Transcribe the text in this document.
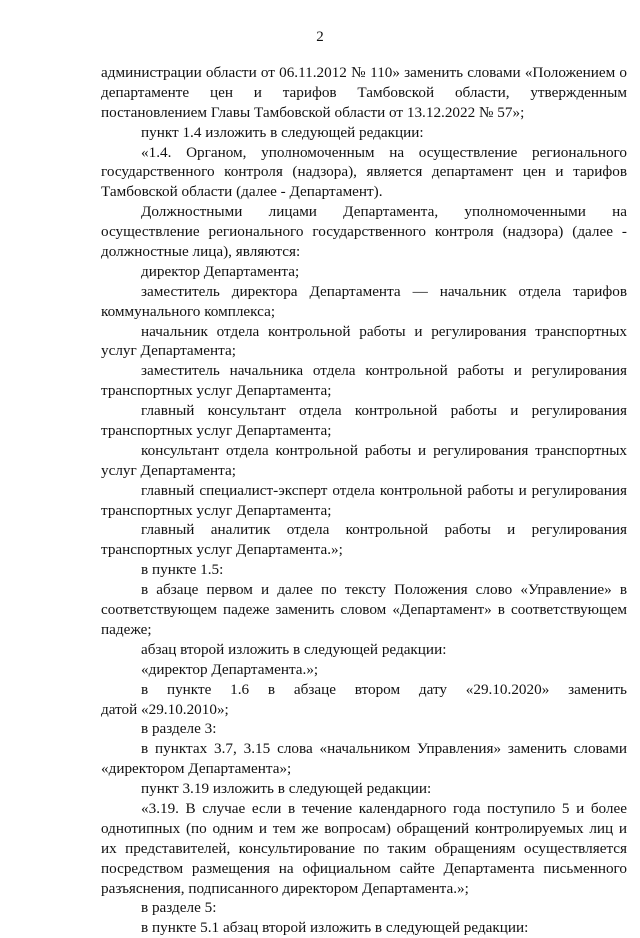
2
администрации области от 06.11.2012 № 110» заменить словами «Положением о
департаменте цен и тарифов Тамбовской области, утвержденным
постановлением Главы Тамбовской области от 13.12.2022 № 57»;
пункт 1.4 изложить в следующей редакции:
«1.4. Органом, уполномоченным на осуществление регионального
государственного контроля (надзора), является департамент цен и тарифов
Тамбовской области (далее - Департамент).
Должностными лицами Департамента, уполномоченными на
осуществление регионального государственного контроля (надзора) (далее -
должностные лица), являются:
директор Департамента;
заместитель директора Департамента — начальник отдела тарифов
коммунального комплекса;
начальник отдела контрольной работы и регулирования транспортных
услуг Департамента;
заместитель начальника отдела контрольной работы и регулирования
транспортных услуг Департамента;
главный консультант отдела контрольной работы и регулирования
транспортных услуг Департамента;
консультант отдела контрольной работы и регулирования транспортных
услуг Департамента;
главный специалист-эксперт отдела контрольной работы и регулирования
транспортных услуг Департамента;
главный аналитик отдела контрольной работы и регулирования
транспортных услуг Департамента.»;
в пункте 1.5:
в абзаце первом и далее по тексту Положения слово «Управление» в
соответствующем падеже заменить словом «Департамент» в соответствующем
падеже;
абзац второй изложить в следующей редакции:
«директор Департамента.»;
в пункте 1.6 в абзаце втором дату «29.10.2020» заменить
датой «29.10.2010»;
в разделе 3:
в пунктах 3.7, 3.15 слова «начальником Управления» заменить словами
«директором Департамента»;
пункт 3.19 изложить в следующей редакции:
«3.19. В случае если в течение календарного года поступило 5 и более
однотипных (по одним и тем же вопросам) обращений контролируемых лиц и
их представителей, консультирование по таким обращениям осуществляется
посредством размещения на официальном сайте Департамента письменного
разъяснения, подписанного директором Департамента.»;
в разделе 5:
в пункте 5.1 абзац второй изложить в следующей редакции:
